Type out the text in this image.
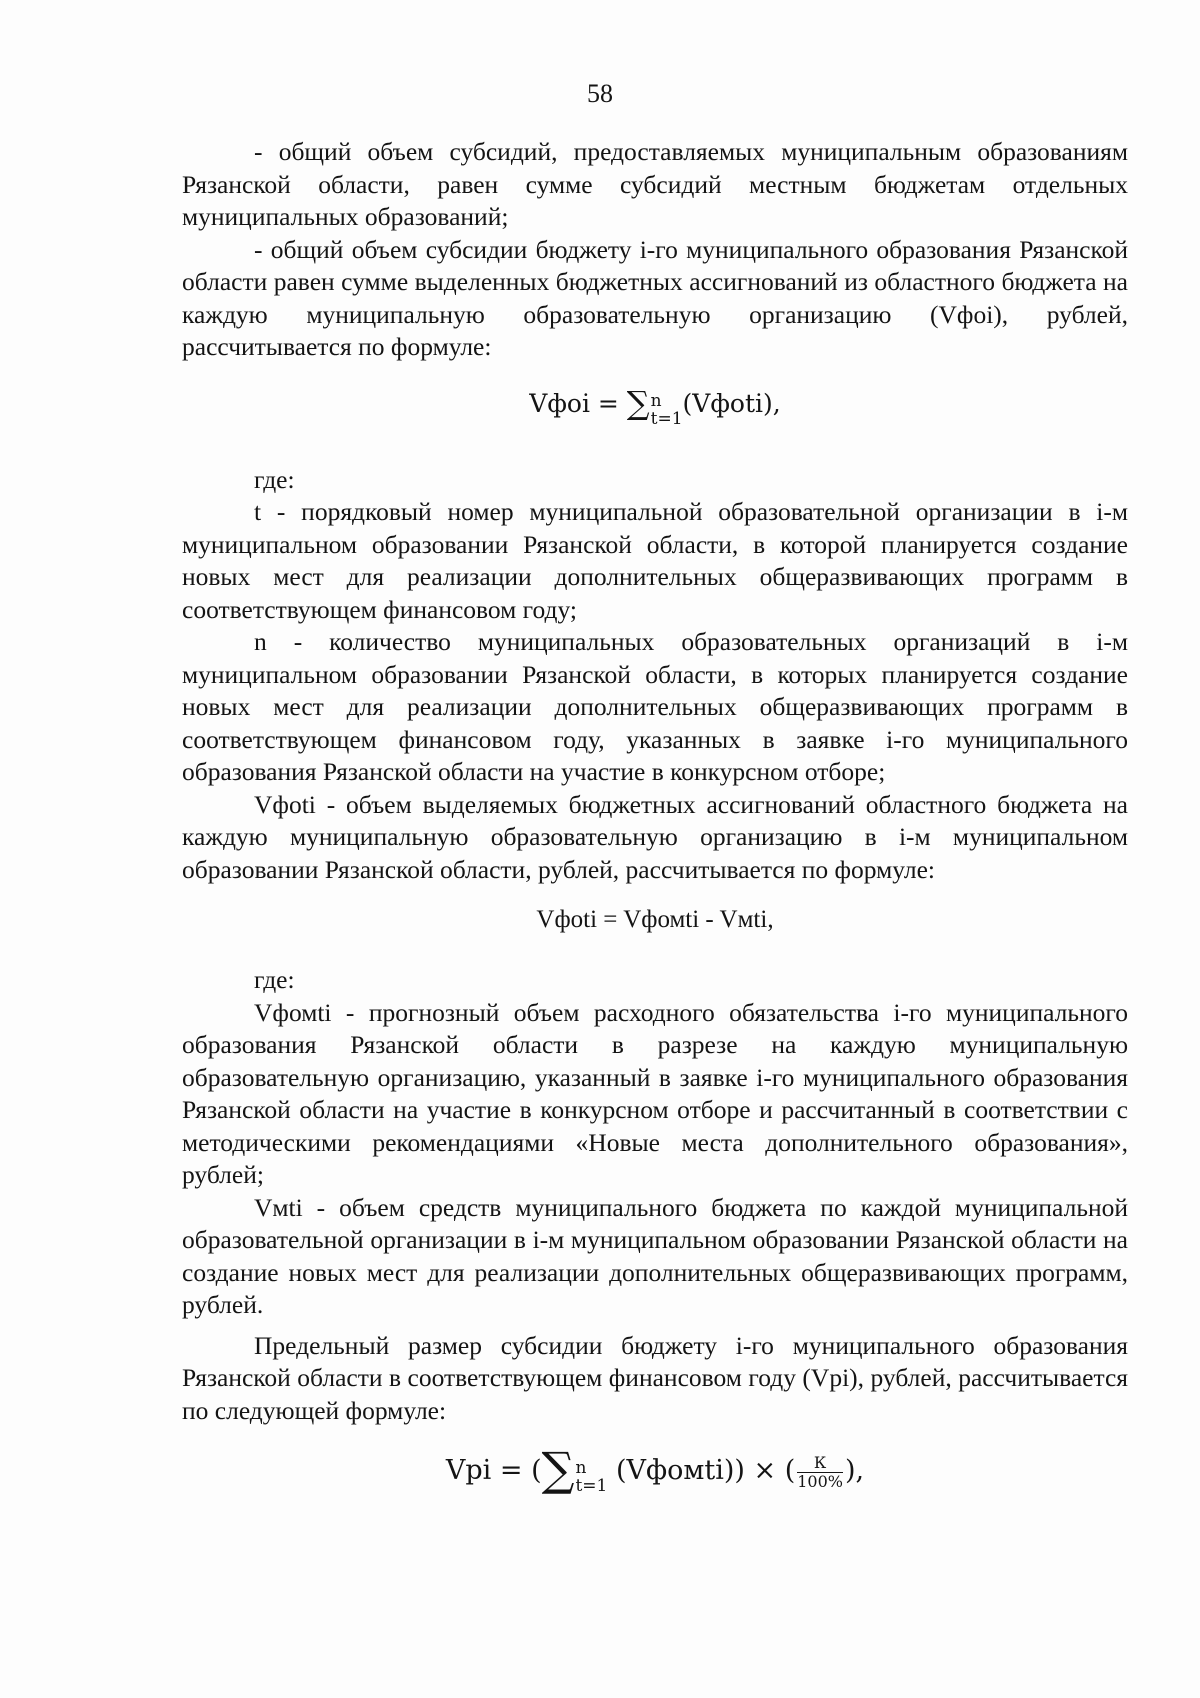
58

- общий объем субсидий, предоставляемых муниципальным образованиям Рязанской области, равен сумме субсидий местным бюджетам отдельных муниципальных образований;

- общий объем субсидии бюджету i-го муниципального образования Рязанской области равен сумме выделенных бюджетных ассигнований из областного бюджета на каждую муниципальную образовательную организацию (Vфoi), рублей, рассчитывается по формуле:

Vфoi = ∑ n
t=1
(Vфoti),

где:

t - порядковый номер муниципальной образовательной организации в i-м муниципальном образовании Рязанской области, в которой планируется создание новых мест для реализации дополнительных общеразвивающих программ в соответствующем финансовом году;

n - количество муниципальных образовательных организаций в i-м муниципальном образовании Рязанской области, в которых планируется создание новых мест для реализации дополнительных общеразвивающих программ в соответствующем финансовом году, указанных в заявке i-го муниципального образования Рязанской области на участие в конкурсном отборе;

Vфoti - объем выделяемых бюджетных ассигнований областного бюджета на каждую муниципальную образовательную организацию в i-м муниципальном образовании Рязанской области, рублей, рассчитывается по формуле:

Vфoti = Vфомti - Vмti,

где:

Vфомti - прогнозный объем расходного обязательства i-го муниципального образования Рязанской области в разрезе на каждую муниципальную образовательную организацию, указанный в заявке i-го муниципального образования Рязанской области на участие в конкурсном отборе и рассчитанный в соответствии с методическими рекомендациями «Новые места дополнительного образования», рублей;

Vмti - объем средств муниципального бюджета по каждой муниципальной образовательной организации в i-м муниципальном образовании Рязанской области на создание новых мест для реализации дополнительных общеразвивающих программ, рублей.

Предельный размер субсидии бюджету i-го муниципального образования Рязанской области в соответствующем финансовом году (Vpi), рублей, рассчитывается по следующей формуле:

Vpi = (∑ n
t=1 (Vфомti)) × ( $\frac{К}{100\%}$ ),
